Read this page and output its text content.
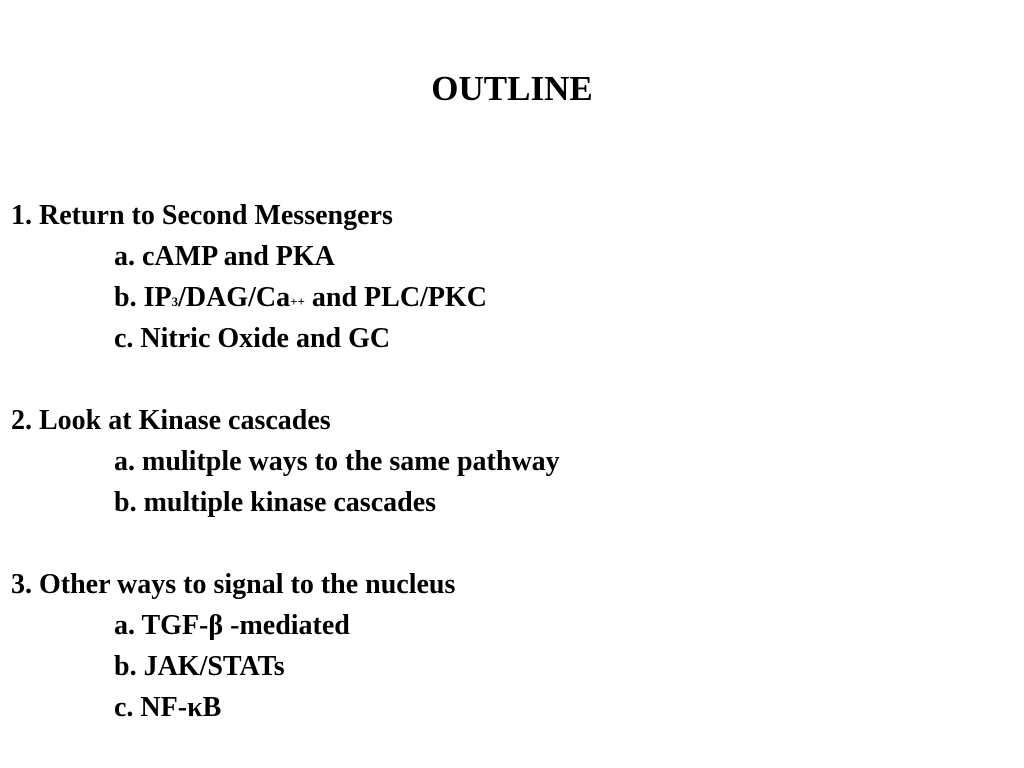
OUTLINE
1. Return to Second Messengers
a. cAMP and PKA
b. IP3/DAG/Ca++ and PLC/PKC
c. Nitric Oxide and GC
2. Look at Kinase cascades
a. mulitple ways to the same pathway
b. multiple kinase cascades
3. Other ways to signal to the nucleus
a. TGF-β -mediated
b. JAK/STATs
c. NF-κB
